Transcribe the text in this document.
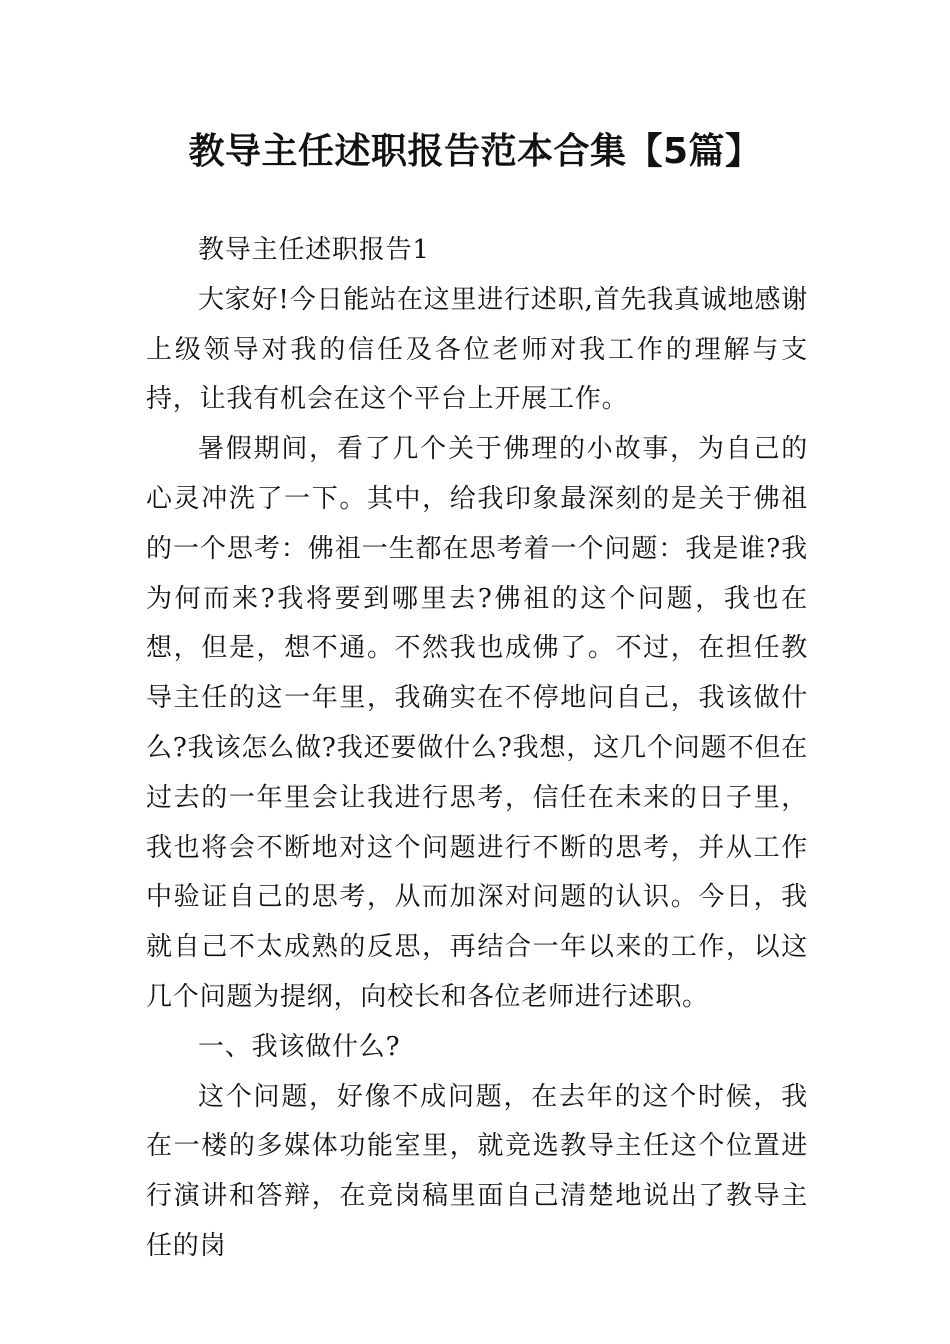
教导主任述职报告范本合集【5篇】

教导主任述职报告1

大家好!今日能站在这里进行述职,首先我真诚地感谢上级领导对我的信任及各位老师对我工作的理解与支持，让我有机会在这个平台上开展工作。

暑假期间，看了几个关于佛理的小故事，为自己的心灵冲洗了一下。其中，给我印象最深刻的是关于佛祖的一个思考：佛祖一生都在思考着一个问题：我是谁?我为何而来?我将要到哪里去?佛祖的这个问题，我也在想，但是，想不通。不然我也成佛了。不过，在担任教导主任的这一年里，我确实在不停地问自己，我该做什么?我该怎么做?我还要做什么?我想，这几个问题不但在过去的一年里会让我进行思考，信任在未来的日子里，我也将会不断地对这个问题进行不断的思考，并从工作中验证自己的思考，从而加深对问题的认识。今日，我就自己不太成熟的反思，再结合一年以来的工作，以这几个问题为提纲，向校长和各位老师进行述职。

一、我该做什么?

这个问题，好像不成问题，在去年的这个时候，我在一楼的多媒体功能室里，就竞选教导主任这个位置进行演讲和答辩，在竞岗稿里面自己清楚地说出了教导主任的岗
